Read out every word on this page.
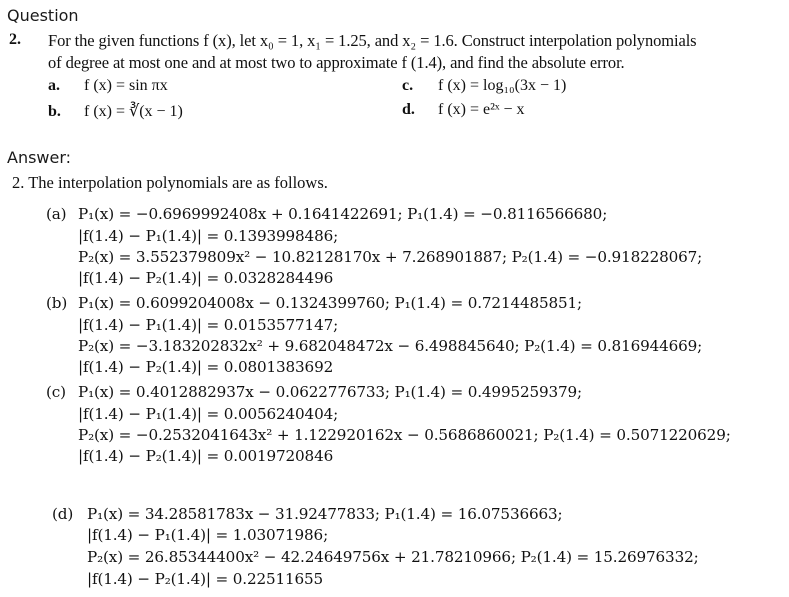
Question
2. For the given functions f (x), let x₀ = 1, x₁ = 1.25, and x₂ = 1.6. Construct interpolation polynomials
of degree at most one and at most two to approximate f (1.4), and find the absolute error.
a. f (x) = sin πx	c. f (x) = log₁₀(3x − 1)
b. f (x) = ∛(x − 1)	d. f (x) = e²ˣ − x
Answer:
2. The interpolation polynomials are as follows.
(a) P₁(x) = −0.6969992408x + 0.1641422691; P₁(1.4) = −0.8116566680;
|f(1.4) − P₁(1.4)| = 0.1393998486;
P₂(x) = 3.552379809x² − 10.82128170x + 7.268901887; P₂(1.4) = −0.918228067;
|f(1.4) − P₂(1.4)| = 0.0328284496
(b) P₁(x) = 0.6099204008x − 0.1324399760; P₁(1.4) = 0.7214485851;
|f(1.4) − P₁(1.4)| = 0.0153577147;
P₂(x) = −3.183202832x² + 9.682048472x − 6.498845640; P₂(1.4) = 0.816944669;
|f(1.4) − P₂(1.4)| = 0.0801383692
(c) P₁(x) = 0.4012882937x − 0.0622776733; P₁(1.4) = 0.4995259379;
|f(1.4) − P₁(1.4)| = 0.0056240404;
P₂(x) = −0.2532041643x² + 1.122920162x − 0.5686860021; P₂(1.4) = 0.5071220629;
|f(1.4) − P₂(1.4)| = 0.0019720846
(d) P₁(x) = 34.28581783x − 31.92477833; P₁(1.4) = 16.07536663;
|f(1.4) − P₁(1.4)| = 1.03071986;
P₂(x) = 26.85344400x² − 42.24649756x + 21.78210966; P₂(1.4) = 15.26976332;
|f(1.4) − P₂(1.4)| = 0.22511655
